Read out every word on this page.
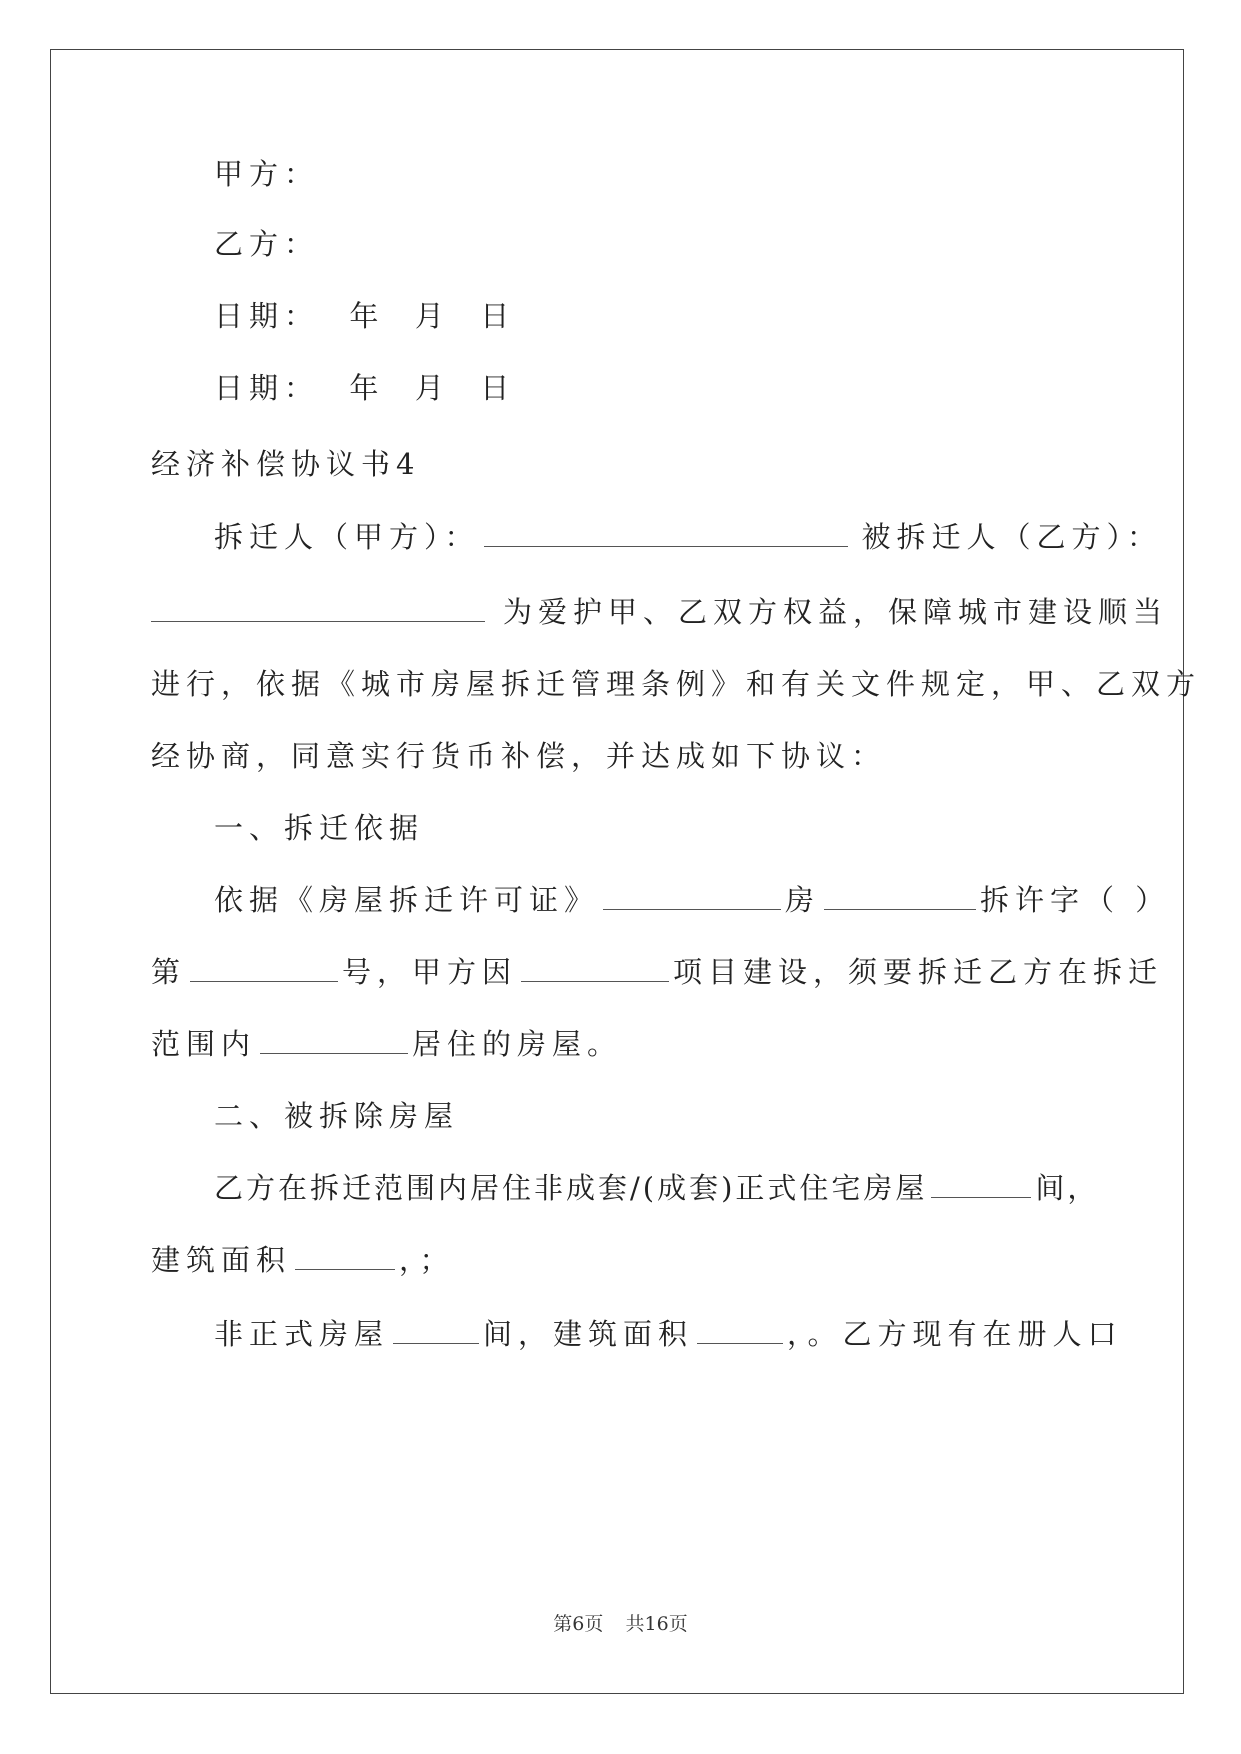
甲方：
乙方：
日期：  年  月  日
日期：  年  月  日
经济补偿协议书4
拆迁人（甲方）：	被拆迁人（乙方）：
为爱护甲、乙双方权益，保障城市建设顺当
进行，依据《城市房屋拆迁管理条例》和有关文件规定，甲、乙双方
经协商，同意实行货币补偿，并达成如下协议：
一、拆迁依据
依据《房屋拆迁许可证》	房	拆许字（ ）
第	号，甲方因	项目建设，须要拆迁乙方在拆迁
范围内	居住的房屋。
二、被拆除房屋
乙方在拆迁范围内居住非成套/(成套)正式住宅房屋	间，
建筑面积	，；
非正式房屋	间，建筑面积	，。乙方现有在册人口
第6页 共16页
